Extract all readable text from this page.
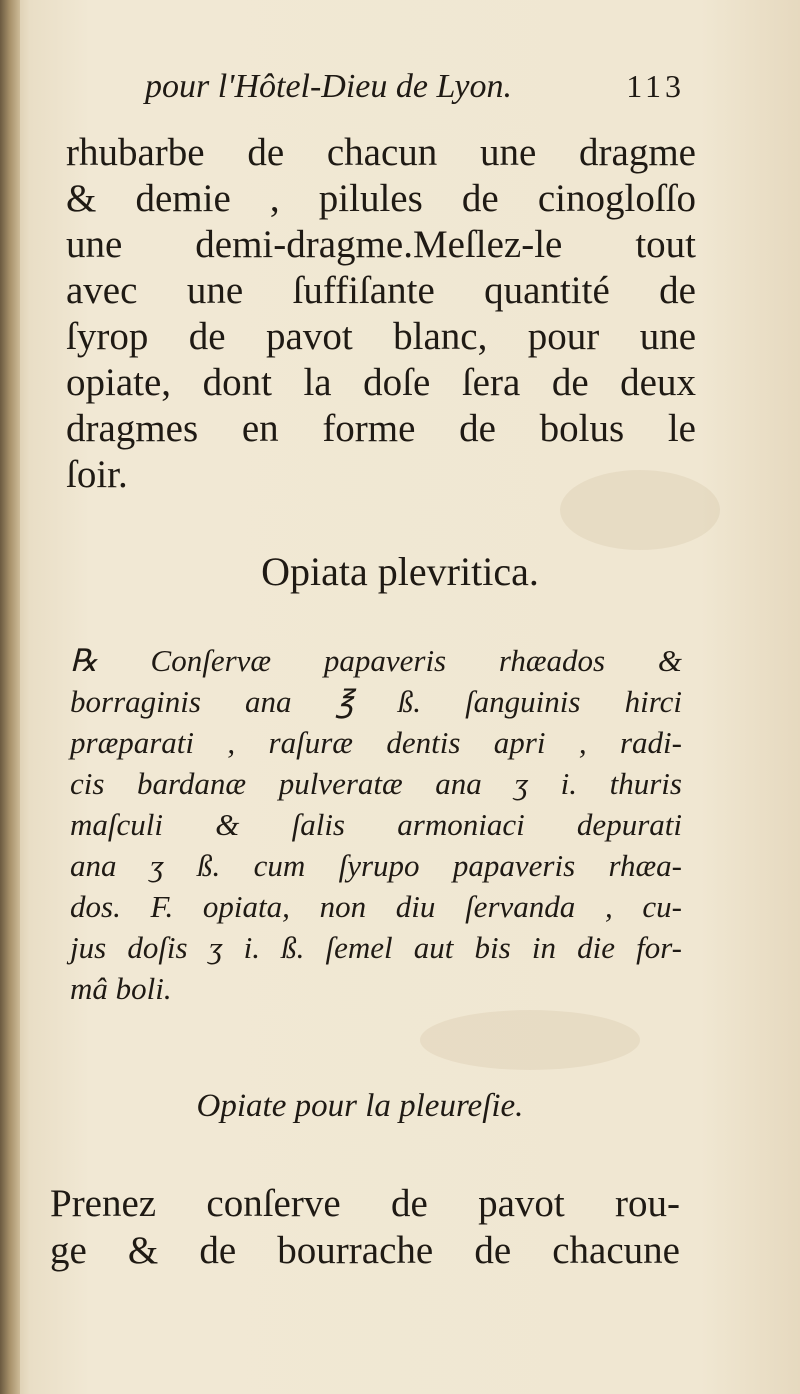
pour l'Hôtel-Dieu de Lyon.	113
rhubarbe de chacun une dragme
& demie , pilules de cinogloſſo
une demi-dragme.Meſlez-le tout
avec une ſuffiſante quantité de
ſyrop de pavot blanc, pour une
opiate, dont la doſe ſera de deux
dragmes en forme de bolus le
ſoir.
Opiata plevritica.
℞ Conſervæ papaveris rhæados &
borraginis ana ℥ ß. ſanguinis hirci
præparati , raſuræ dentis apri , radi-
cis bardanæ pulveratæ ana ʒ i. thuris
maſculi & ſalis armoniaci depurati
ana ʒ ß. cum ſyrupo papaveris rhæa-
dos. F. opiata, non diu ſervanda , cu-
jus doſis ʒ i. ß. ſemel aut bis in die for-
mâ boli.
Opiate pour la pleureſie.
Prenez conſerve de pavot rou-
ge & de bourrache de chacune
